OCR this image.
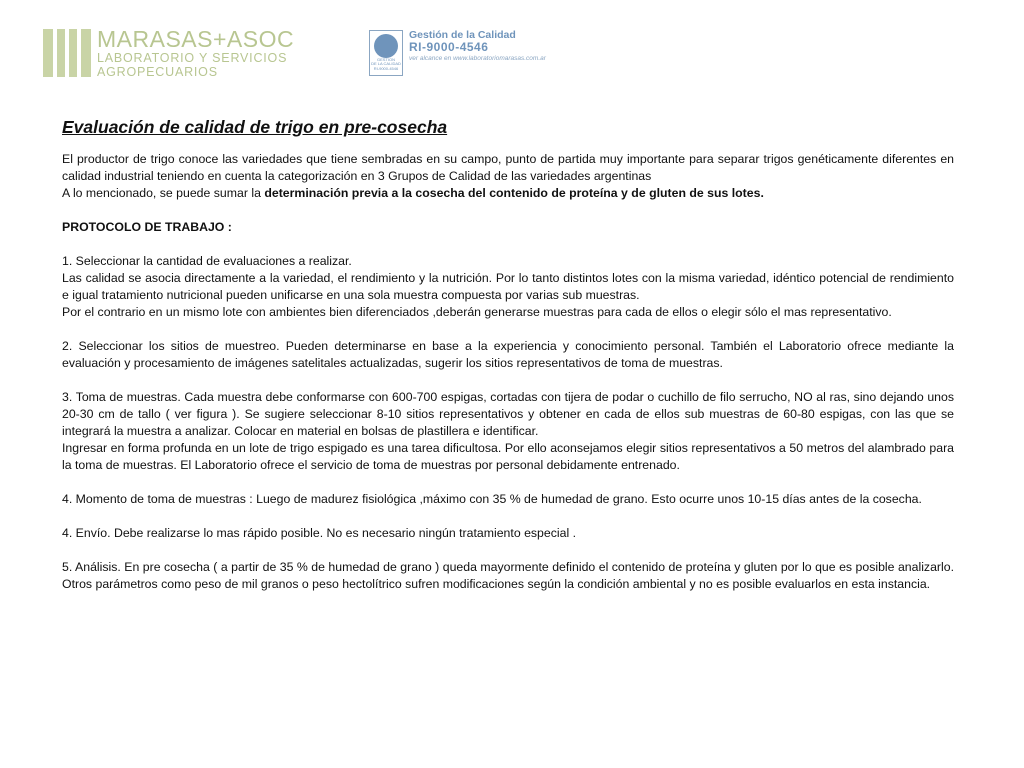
MARASAS+ASOC
LABORATORIO Y SERVICIOS
AGROPECUARIOS
GESTION
DE LA CALIDAD
RI-9000-4546
Gestión de la Calidad
RI-9000-4546
ver alcance en www.laboratoriomarasas.com.ar
Evaluación de calidad de trigo en pre-cosecha

El productor de trigo conoce las variedades que tiene sembradas en su campo, punto de partida muy importante para separar trigos genéticamente diferentes en calidad industrial teniendo en cuenta la categorización en 3 Grupos de Calidad de las variedades argentinas

A lo mencionado, se puede sumar la determinación previa a la cosecha del contenido de proteína y de gluten de sus lotes.

PROTOCOLO DE TRABAJO :

1. Seleccionar la cantidad de evaluaciones a realizar.

Las calidad se asocia directamente a la variedad, el rendimiento y la nutrición. Por lo tanto distintos lotes con la misma variedad, idéntico potencial de rendimiento e igual tratamiento nutricional pueden unificarse en una sola muestra compuesta por varias sub muestras.

Por el contrario en un mismo lote con ambientes bien diferenciados ,deberán generarse muestras para cada de ellos o elegir sólo el mas representativo.

2. Seleccionar los sitios de muestreo. Pueden determinarse en base a la experiencia y conocimiento personal. También el Laboratorio ofrece mediante la evaluación y procesamiento de imágenes satelitales actualizadas, sugerir los sitios representativos de toma de muestras.

3. Toma de muestras. Cada muestra debe conformarse con 600-700 espigas, cortadas con tijera de podar o cuchillo de filo serrucho, NO al ras, sino dejando unos 20-30 cm de tallo ( ver figura ). Se sugiere seleccionar 8-10 sitios representativos y obtener en cada de ellos sub muestras de 60-80 espigas, con las que se integrará la muestra a analizar. Colocar en material en bolsas de plastillera e identificar.

Ingresar en forma profunda en un lote de trigo espigado es una tarea dificultosa. Por ello aconsejamos elegir sitios representativos a 50 metros del alambrado para la toma de muestras. El Laboratorio ofrece el servicio de toma de muestras por personal debidamente entrenado.

4. Momento de toma de muestras : Luego de madurez fisiológica ,máximo con 35 % de humedad de grano. Esto ocurre unos 10-15 días antes de la cosecha.

4. Envío. Debe realizarse lo mas rápido posible. No es necesario ningún tratamiento especial .

5. Análisis. En pre cosecha ( a partir de 35 % de humedad de grano ) queda mayormente definido el contenido de proteína y gluten por lo que es posible analizarlo. Otros parámetros como peso de mil granos o peso hectolítrico sufren modificaciones según la condición ambiental y no es posible evaluarlos en esta instancia.
